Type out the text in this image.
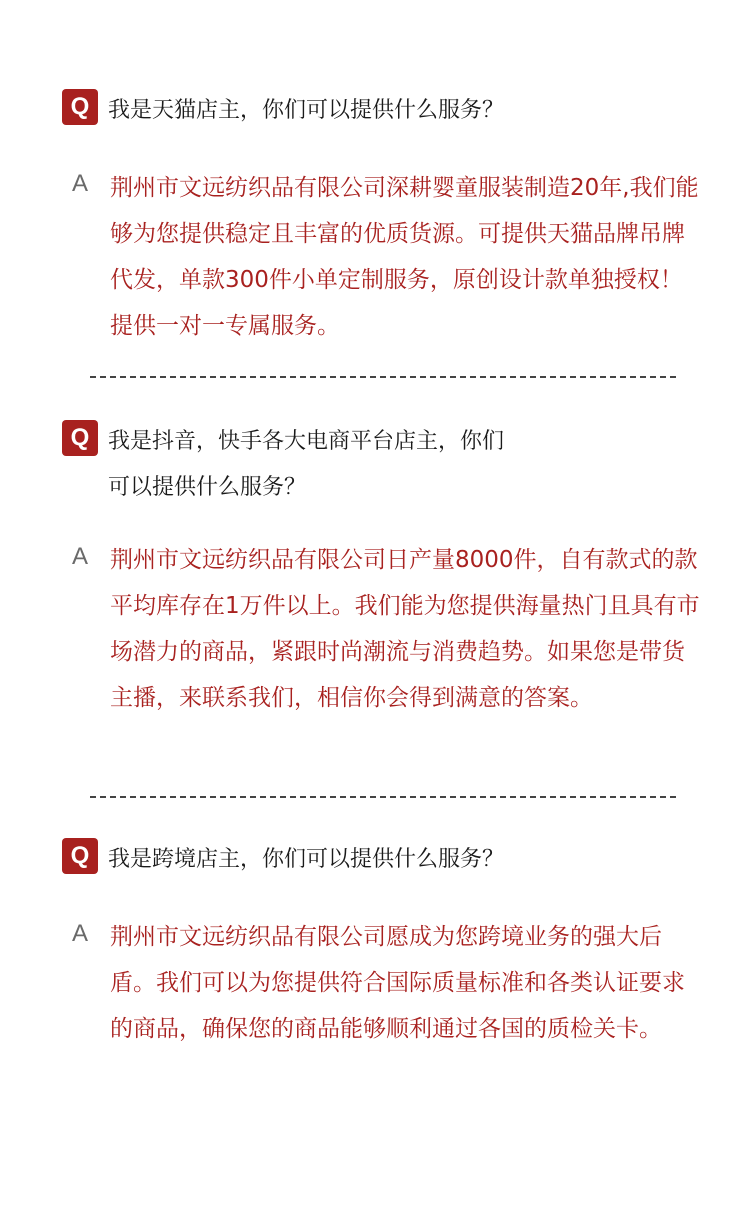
Q 我是天猫店主，你们可以提供什么服务？
A 荆州市文远纺织品有限公司深耕婴童服装制造20年,我们能够为您提供稳定且丰富的优质货源。可提供天猫品牌吊牌代发，单款300件小单定制服务，原创设计款单独授权！提供一对一专属服务。
Q 我是抖音，快手各大电商平台店主，你们可以提供什么服务？
A 荆州市文远纺织品有限公司日产量8000件，自有款式的款平均库存在1万件以上。我们能为您提供海量热门且具有市场潜力的商品，紧跟时尚潮流与消费趋势。如果您是带货主播，来联系我们，相信你会得到满意的答案。
Q 我是跨境店主，你们可以提供什么服务？
A 荆州市文远纺织品有限公司愿成为您跨境业务的强大后盾。我们可以为您提供符合国际质量标准和各类认证要求的商品，确保您的商品能够顺利通过各国的质检关卡。
